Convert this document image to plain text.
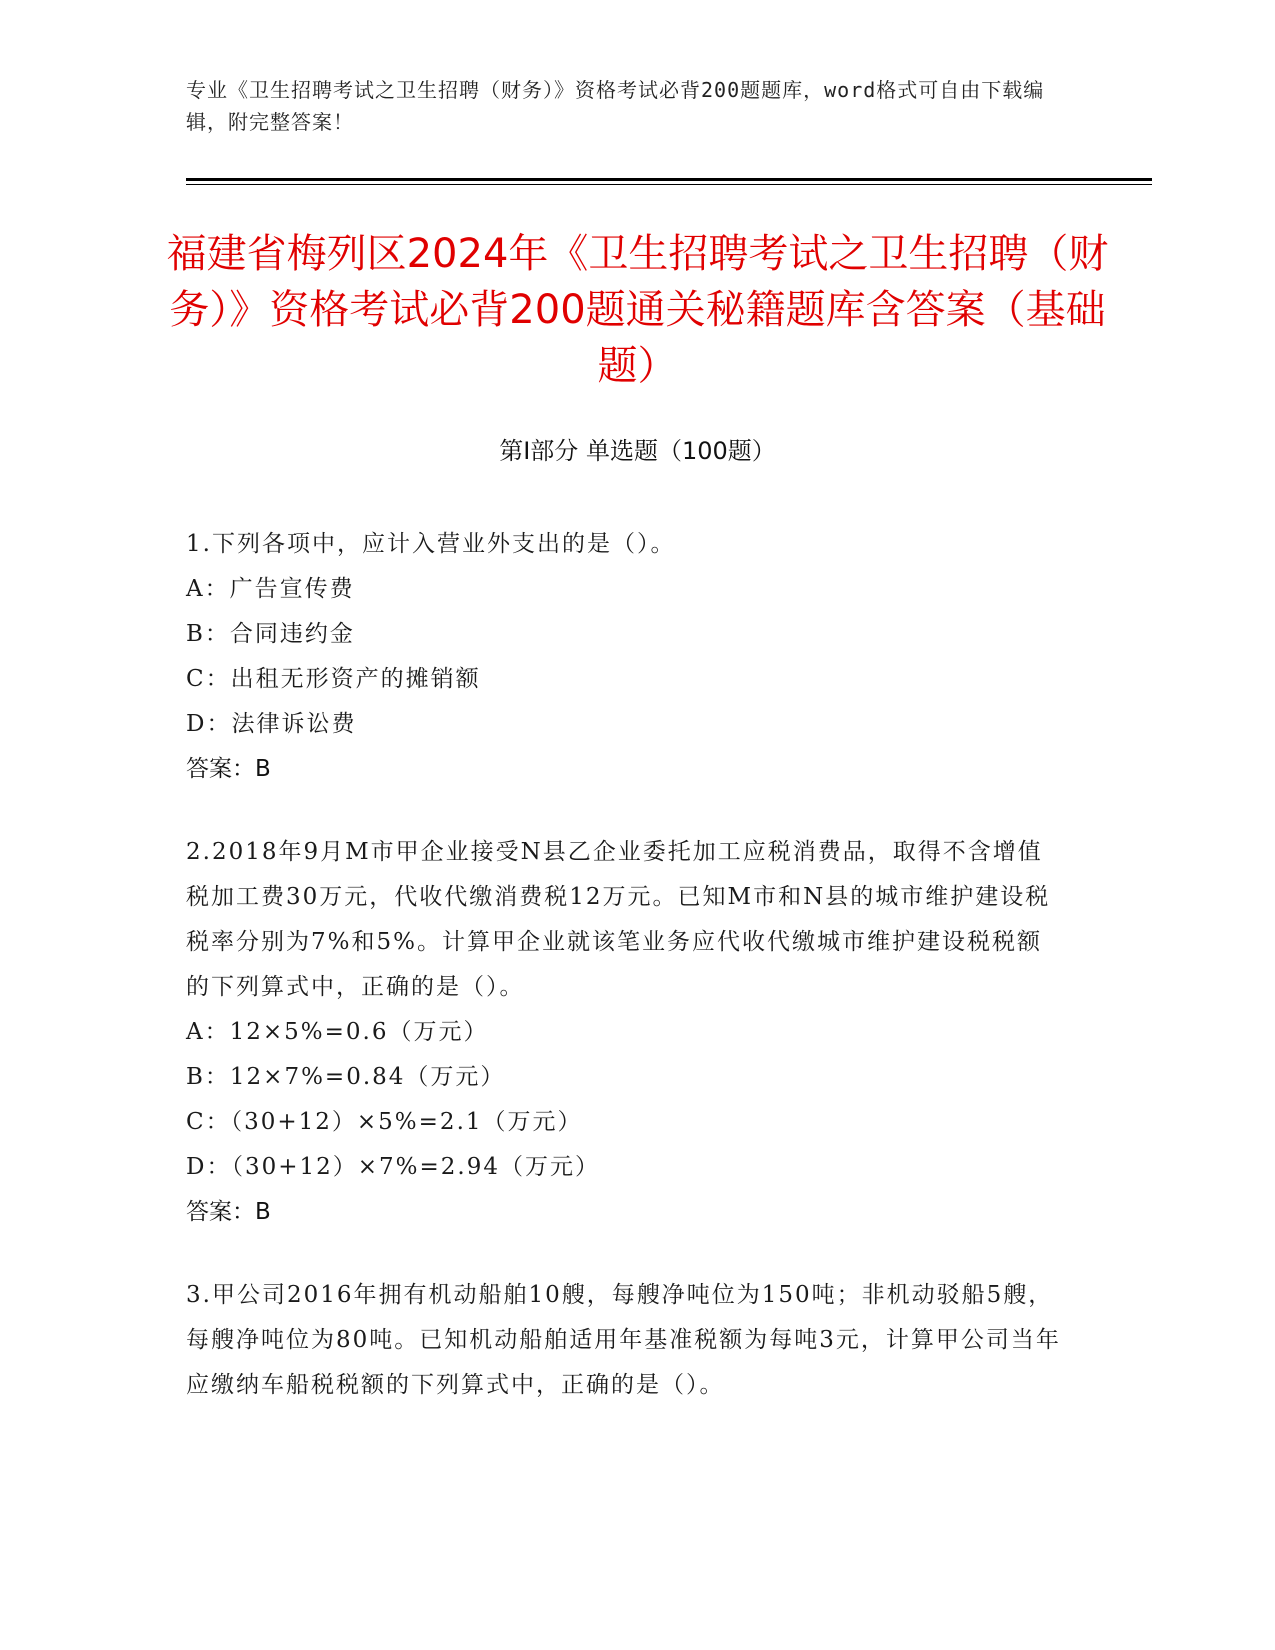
专业《卫生招聘考试之卫生招聘（财务）》资格考试必背200题题库，word格式可自由下载编辑，附完整答案！
福建省梅列区2024年《卫生招聘考试之卫生招聘（财务）》资格考试必背200题通关秘籍题库含答案（基础题）
第Ⅰ部分 单选题（100题）
1.下列各项中，应计入营业外支出的是（）。
A：广告宣传费
B：合同违约金
C：出租无形资产的摊销额
D：法律诉讼费
答案：B
2.2018年9月M市甲企业接受N县乙企业委托加工应税消费品，取得不含增值税加工费30万元，代收代缴消费税12万元。已知M市和N县的城市维护建设税税率分别为7%和5%。计算甲企业就该笔业务应代收代缴城市维护建设税税额的下列算式中，正确的是（）。
A：12×5%=0.6（万元）
B：12×7%=0.84（万元）
C：（30+12）×5%=2.1（万元）
D：（30+12）×7%=2.94（万元）
答案：B
3.甲公司2016年拥有机动船舶10艘，每艘净吨位为150吨；非机动驳船5艘，每艘净吨位为80吨。已知机动船舶适用年基准税额为每吨3元，计算甲公司当年应缴纳车船税税额的下列算式中，正确的是（）。
